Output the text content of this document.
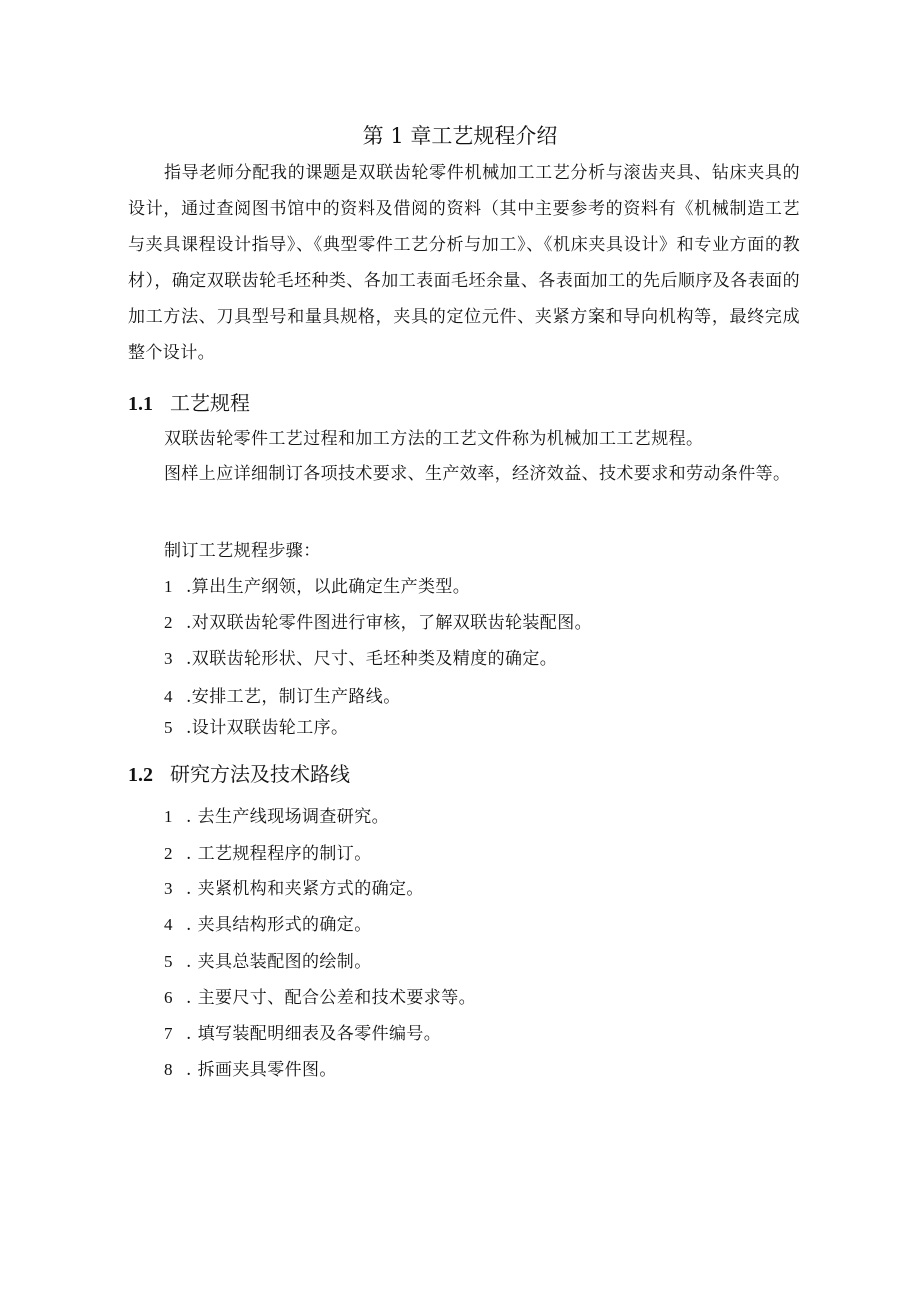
第 1 章工艺规程介绍

指导老师分配我的课题是双联齿轮零件机械加工工艺分析与滚齿夹具、钻床夹具的设计，通过查阅图书馆中的资料及借阅的资料（其中主要参考的资料有《机械制造工艺与夹具课程设计指导》、《典型零件工艺分析与加工》、《机床夹具设计》和专业方面的教材），确定双联齿轮毛坯种类、各加工表面毛坯余量、各表面加工的先后顺序及各表面的加工方法、刀具型号和量具规格，夹具的定位元件、夹紧方案和导向机构等，最终完成整个设计。

1.1 工艺规程
双联齿轮零件工艺过程和加工方法的工艺文件称为机械加工工艺规程。

图样上应详细制订各项技术要求、生产效率，经济效益、技术要求和劳动条件等。

制订工艺规程步骤：
1 .算出生产纲领，以此确定生产类型。
2 .对双联齿轮零件图进行审核，了解双联齿轮装配图。
3 .双联齿轮形状、尺寸、毛坯种类及精度的确定。
4 .安排工艺，制订生产路线。
5 .设计双联齿轮工序。
1.2 研究方法及技术路线
1 . 去生产线现场调查研究。
2 . 工艺规程程序的制订。
3 . 夹紧机构和夹紧方式的确定。
4 . 夹具结构形式的确定。
5 . 夹具总装配图的绘制。
6 . 主要尺寸、配合公差和技术要求等。
7 . 填写装配明细表及各零件编号。
8 . 拆画夹具零件图。
